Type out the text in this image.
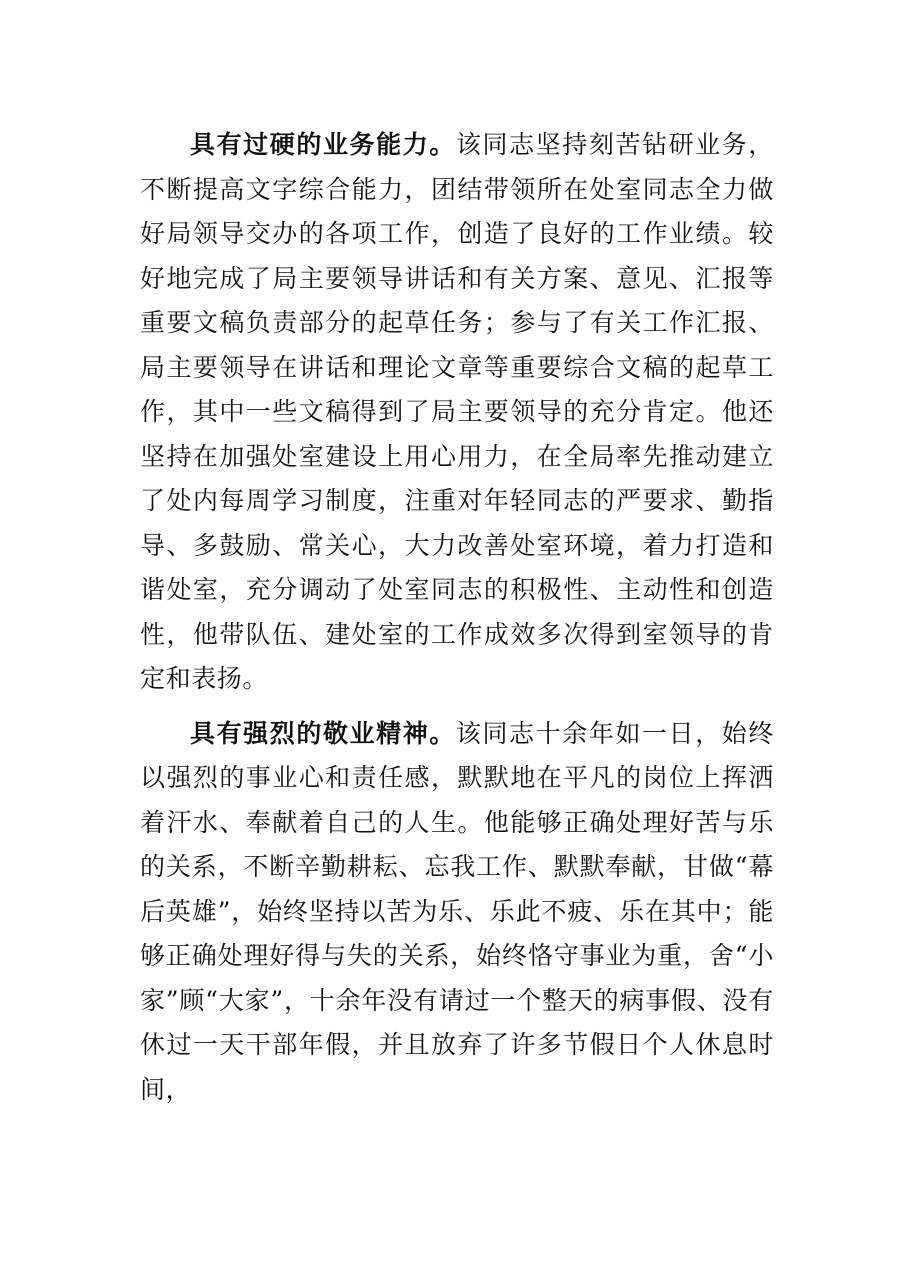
具有过硬的业务能力。该同志坚持刻苦钻研业务，不断提高文字综合能力，团结带领所在处室同志全力做好局领导交办的各项工作，创造了良好的工作业绩。较好地完成了局主要领导讲话和有关方案、意见、汇报等重要文稿负责部分的起草任务；参与了有关工作汇报、局主要领导在讲话和理论文章等重要综合文稿的起草工作，其中一些文稿得到了局主要领导的充分肯定。他还坚持在加强处室建设上用心用力，在全局率先推动建立了处内每周学习制度，注重对年轻同志的严要求、勤指导、多鼓励、常关心，大力改善处室环境，着力打造和谐处室，充分调动了处室同志的积极性、主动性和创造性，他带队伍、建处室的工作成效多次得到室领导的肯定和表扬。

具有强烈的敬业精神。该同志十余年如一日，始终以强烈的事业心和责任感，默默地在平凡的岗位上挥洒着汗水、奉献着自己的人生。他能够正确处理好苦与乐的关系，不断辛勤耕耘、忘我工作、默默奉献，甘做“幕后英雄”，始终坚持以苦为乐、乐此不疲、乐在其中；能够正确处理好得与失的关系，始终恪守事业为重，舍“小家”顾“大家”，十余年没有请过一个整天的病事假、没有休过一天干部年假，并且放弃了许多节假日个人休息时间，
